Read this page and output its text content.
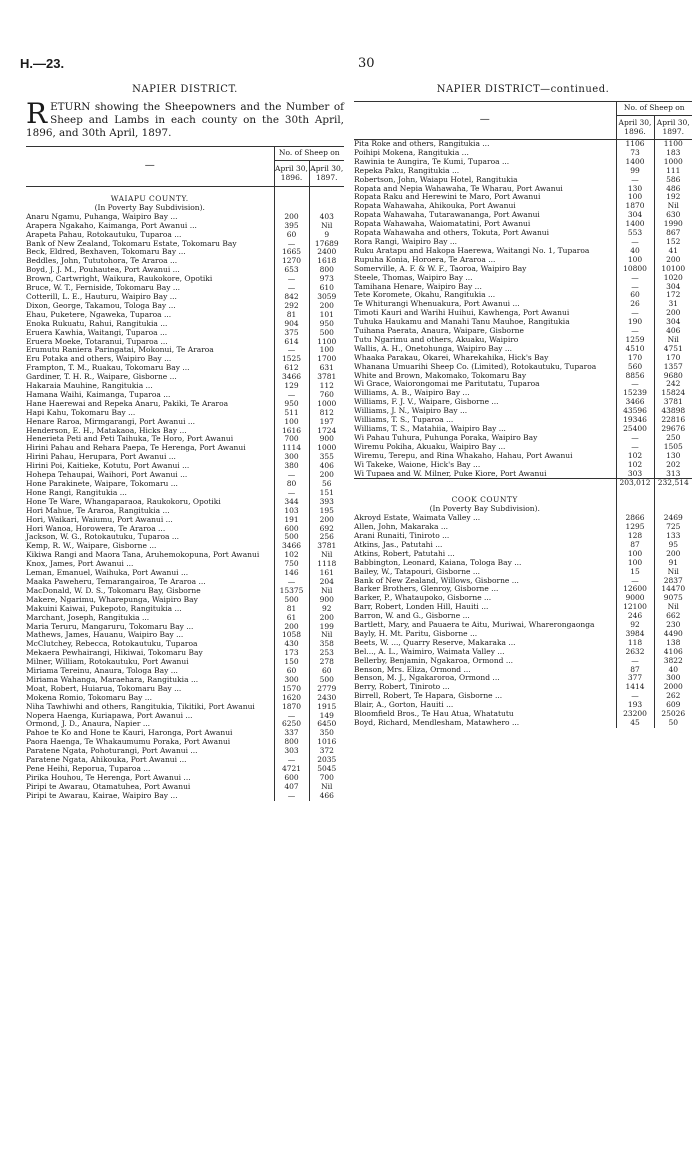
H.—23.	30
NAPIER DISTRICT.
RETURN showing the Sheepowners and the Number of Sheep and Lambs in each county on the 30th April, 1896, and 30th April, 1897.
—	No. of Sheep on	
	April 30, 1896.	April 30, 1897.
WAIAPU COUNTY.		
(In Poverty Bay Subdivision).		

Anaru Ngamu, Puhanga, Waipiro Bay ...	200	403

Arapera Ngakaho, Kaimanga, Port Awanui ...	395	Nil

Arapeta Pahau, Rotokautuku, Tuparoa ...	60	9

Bank of New Zealand, Tokomaru Estate, Tokomaru Bay	—	17689

Beck, Eldred, Bexhaven, Tokomaru Bay ...	1665	2400

Beddles, John, Tututohora, Te Araroa ...	1270	1618

Boyd, J. J. M., Pouhautea, Port Awanui ...	653	800

Brown, Cartwright, Waikura, Raukokore, Opotiki	—	973

Bruce, W. T., Ferniside, Tokomaru Bay ...	—	610

Cotterill, L. E., Hauturu, Waipiro Bay ...	842	3059

Dixon, George, Takamou, Tologa Bay ...	292	200

Ehau, Puketere, Ngaweka, Tuparoa ...	81	101

Enoka Rukuatu, Rahui, Rangitukia ...	904	950

Eruera Kawhia, Waitangi, Tuparoa ...	375	500

Eruera Moeke, Totaranui, Tuparoa ...	614	1100

Erumutu Raniera Paringatai, Mokonui, Te Araroa	—	100

Eru Potaka and others, Waipiro Bay ...	1525	1700

Frampton, T. M., Ruakau, Tokomaru Bay ...	612	631

Gardiner, T. H. R., Waipare, Gisborne ...	3466	3781

Hakaraia Mauhine, Rangitukia ...	129	112

Hamana Waihi, Kaimanga, Tuparoa ...	—	760

Hane Haerewai and Repeka Anaru, Pakiki, Te Araroa	950	1000

Hapi Kahu, Tokomaru Bay ...	511	812

Henare Raroa, Mirmgarangi, Port Awanui ...	100	197

Henderson, E. H., Matakaoa, Hicks Bay ...	1616	1724

Henerieta Peti and Peti Taihuka, Te Horo, Port Awanui	700	900

Hirini Pahau and Rehara Paepa, Te Herenga, Port Awanui	1114	1000

Hirini Pahau, Herupara, Port Awanui ...	300	355

Hirini Poi, Kaitieke, Kotutu, Port Awanui ...	380	406

Hohepa Tehaupai, Waihori, Port Awanui ...	—	200

Hone Parakinete, Waipare, Tokomaru ...	80	56

Hone Rangi, Rangitukia ...	—	151

Hone Te Ware, Whangaparaoa, Raukokoru, Opotiki	344	393

Hori Mahue, Te Araroa, Rangitukia ...	103	195

Hori, Waikari, Waiumu, Port Awanui ...	191	200

Hori Wanoa, Horowera, Te Araroa ...	600	692

Jackson, W. G., Rotokautuku, Tuparoa ...	500	256

Kemp, R. W., Waipare, Gisborne ...	3466	3781

Kikiwa Rangi and Maora Tana, Aruhemokopuna, Port Awanui	102	Nil

Knox, James, Port Awanui ...	750	1118

Leman, Emanuel, Waihuka, Port Awanui ...	146	161

Maaka Paweheru, Temarangairoa, Te Araroa ...	—	204

MacDonald, W. D. S., Tokomaru Bay, Gisborne	15375	Nil

Makere, Ngarimu, Wharepunga, Waipiro Bay	500	900

Makuini Kaiwai, Pukepoto, Rangitukia ...	81	92

Marchant, Joseph, Rangitukia ...	61	200

Maria Teruru, Mangaruru, Tokomaru Bay ...	200	199

Mathews, James, Hauanu, Waipiro Bay ...	1058	Nil

McClutchey, Rebecca, Rotokautuku, Tuparoa	430	358

Mekaera Pewhairangi, Hikiwai, Tokomaru Bay	173	253

Milner, William, Rotokautuku, Port Awanui	150	278

Miriama Tereinu, Anaura, Tologa Bay ...	60	60

Miriama Wahanga, Maraehara, Rangitukia ...	300	500

Moat, Robert, Huiarua, Tokomaru Bay ...	1570	2779

Mokena Romio, Tokomaru Bay ...	1620	2430

Niha Tawhiwhi and others, Rangitukia, Tikitiki, Port Awanui	1870	1915

Nopera Haenga, Kuriapawa, Port Awanui ...	—	149

Ormond, J. D., Anaura, Napier ...	6250	6450

Pahoe te Ko and Hone te Kauri, Haronga, Port Awanui	337	350

Paora Haenga, Te Whakaumumu Poraka, Port Awanui	800	1016

Paratene Ngata, Pohoturangi, Port Awanui ...	303	372

Paratene Ngata, Ahikouka, Port Awanui ...	—	2035

Pene Heihi, Reporua, Tuparoa ...	4721	5045

Pirika Houhou, Te Herenga, Port Awanui ...	600	700

Piripi te Awarau, Otamatuhea, Port Awanui	407	Nil

Piripi te Awarau, Kairae, Waipiro Bay ...	—	466
NAPIER DISTRICT—continued.
—	No. of Sheep on	
	April 30, 1896.	April 30, 1897.

Pita Roke and others, Rangitukia ...	1106	1100

Poihipi Mokena, Rangitukia ...	73	183

Rawinia te Aungira, Te Kumi, Tuparoa ...	1400	1000

Repeka Paku, Rangitukia ...	99	111

Robertson, John, Waiapu Hotel, Rangitukia	—	586

Ropata and Nepia Wahawaha, Te Wharau, Port Awanui	130	486

Ropata Raku and Herewini te Maro, Port Awanui	100	192

Ropata Wahawaha, Ahikouka, Port Awanui	1870	Nil

Ropata Wahawaha, Tutarawananga, Port Awanui	304	630

Ropata Wahawaha, Waiomatatini, Port Awanui	1400	1990

Ropata Wahawaha and others, Tokuta, Port Awanui	553	867

Rora Rangi, Waipiro Bay ...	—	152

Ruku Aratapu and Hakopa Haerewa, Waitangi No. 1, Tuparoa	40	41

Rupuha Konia, Horoera, Te Araroa ...	100	200

Somerville, A. F. & W. F., Taoroa, Waipiro Bay	10800	10100

Steele, Thomas, Waipiro Bay ...	—	1020

Tamihana Henare, Waipiro Bay ...	—	304

Tete Koromete, Okahu, Rangitukia ...	60	172

Te Whiturangi Whenuakura, Port Awanui ...	26	31

Timoti Kauri and Warihi Huihui, Kawhenga, Port Awanui	—	200

Tuhuka Haukamu and Manahi Tanu Mauhoe, Rangitukia	190	304

Tuihana Paerata, Anaura, Waipare, Gisborne	—	406

Tutu Ngarimu and others, Akuaku, Waipiro	1259	Nil

Wallis, A. H., Onetohunga, Waipiro Bay ...	4510	4751

Whaaka Parakau, Okarei, Wharekahika, Hick's Bay	170	170

Whanana Umuarihi Sheep Co. (Limited), Rotokautuku, Tuparoa	560	1357

White and Brown, Makomako, Tokomaru Bay	8856	9680

Wi Grace, Waiorongomai me Paritutatu, Tuparoa	—	242

Williams, A. B., Waipiro Bay ...	15239	15824

Williams, F. J. V., Waipare, Gisborne ...	3466	3781

Williams, J. N., Waipiro Bay ...	43596	43898

Williams, T. S., Tuparoa ...	19346	22816

Williams, T. S., Matahiia, Waipiro Bay ...	25400	29676

Wi Pahau Tuhura, Puhunga Poraka, Waipiro Bay	—	250

Wiremu Pokiha, Akuaku, Waipiro Bay ...	—	1505

Wiremu, Terepu, and Rina Whakaho, Hahau, Port Awanui	102	130

Wi Takeke, Waione, Hick's Bay ...	102	202

Wi Tupaea and W. Milner, Puke Kiore, Port Awanui	303	313
	203,012	232,514
COOK COUNTY		
(In Poverty Bay Subdivision).		

Akroyd Estate, Waimata Valley ...	2866	2469

Allen, John, Makaraka ...	1295	725

Arani Runaiti, Tiniroto ...	128	133

Atkins, Jas., Patutahi ...	87	95

Atkins, Robert, Patutahi ...	100	200

Babbington, Leonard, Kaiana, Tologa Bay ...	100	91

Bailey, W., Tatapouri, Gisborne ...	15	Nil

Bank of New Zealand, Willows, Gisborne ...	—	2837

Barker Brothers, Glenroy, Gisborne ...	12600	14470

Barker, P., Whataupoko, Gisborne ...	9000	9075

Barr, Robert, Londen Hill, Hauiti ...	12100	Nil

Barron, W. and G., Gisborne ...	246	662

Bartlett, Mary, and Pauaera te Aitu, Muriwai, Wharerongaonga	92	230

Bayly, H. Mt. Paritu, Gisborne ...	3984	4490

Beets, W. ..., Quarry Reserve, Makaraka ...	118	138

Bel..., A. L., Waimiro, Waimata Valley ...	2632	4106

Bellerby, Benjamin, Ngakaroa, Ormond ...	—	3822

Benson, Mrs. Eliza, Ormond ...	87	40

Benson, M. J., Ngakaroroa, Ormond ...	377	300

Berry, Robert, Tiniroto ...	1414	2000

Birrell, Robert, Te Hapara, Gisborne ...	—	262

Blair, A., Gorton, Hauiti ...	193	609

Bloomfield Bros., Te Hau Atua, Whatatutu	23200	25026

Boyd, Richard, Mendlesham, Matawhero ...	45	50
